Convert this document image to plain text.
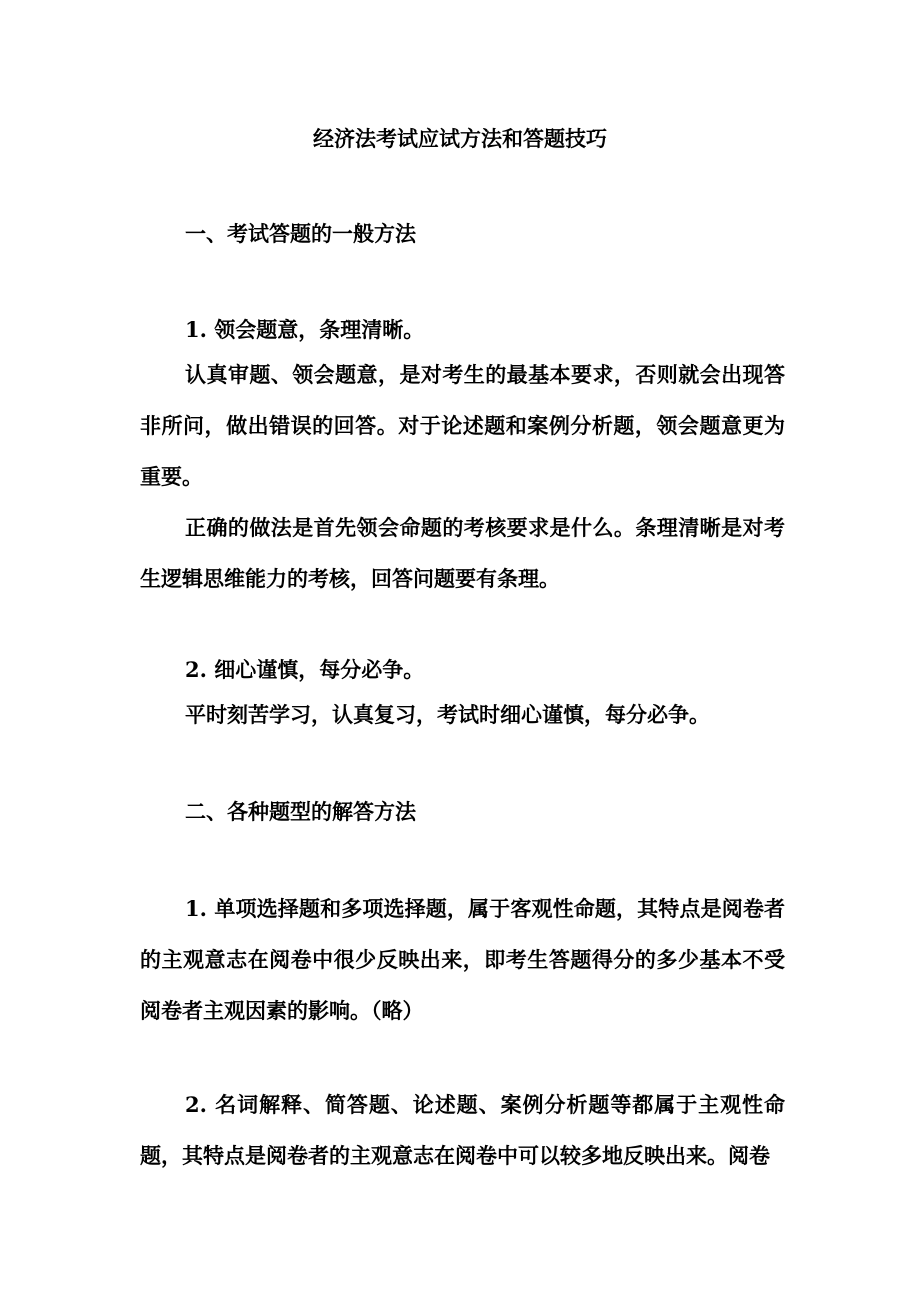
经济法考试应试方法和答题技巧
一、考试答题的一般方法
1. 领会题意，条理清晰。
认真审题、领会题意，是对考生的最基本要求，否则就会出现答非所问，做出错误的回答。对于论述题和案例分析题，领会题意更为重要。
正确的做法是首先领会命题的考核要求是什么。条理清晰是对考生逻辑思维能力的考核，回答问题要有条理。
2. 细心谨慎，每分必争。
平时刻苦学习，认真复习，考试时细心谨慎，每分必争。
二、各种题型的解答方法
1. 单项选择题和多项选择题，属于客观性命题，其特点是阅卷者的主观意志在阅卷中很少反映出来，即考生答题得分的多少基本不受阅卷者主观因素的影响。（略）
2. 名词解释、简答题、论述题、案例分析题等都属于主观性命题，其特点是阅卷者的主观意志在阅卷中可以较多地反映出来。阅卷
